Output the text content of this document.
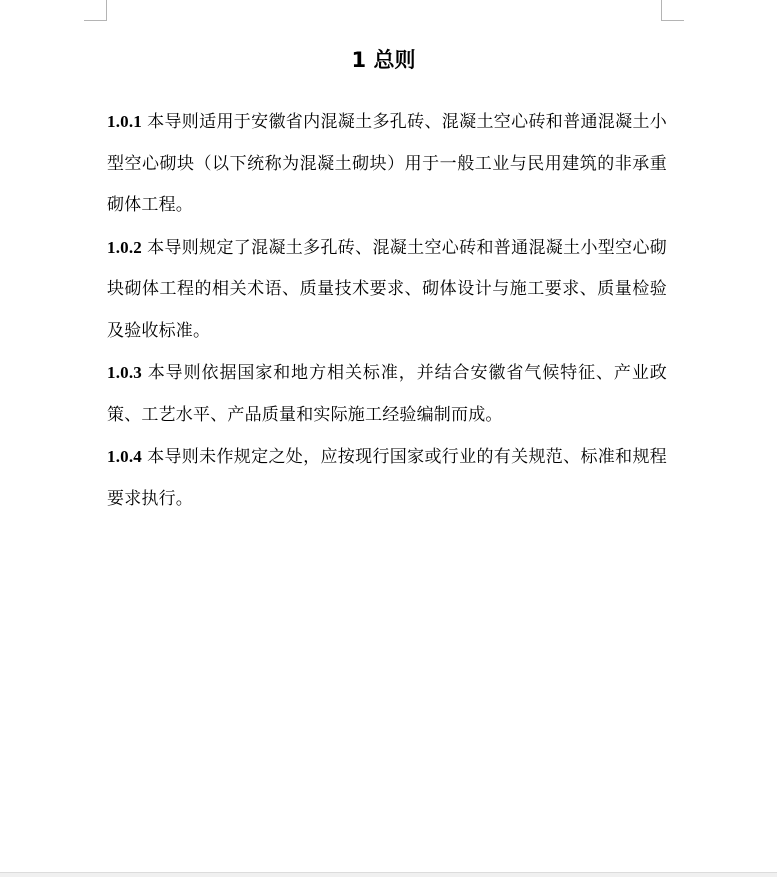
1 总则

1.0.1 本导则适用于安徽省内混凝土多孔砖、混凝土空心砖和普通混凝土小型空心砌块（以下统称为混凝土砌块）用于一般工业与民用建筑的非承重砌体工程。

1.0.2 本导则规定了混凝土多孔砖、混凝土空心砖和普通混凝土小型空心砌块砌体工程的相关术语、质量技术要求、砌体设计与施工要求、质量检验及验收标准。

1.0.3 本导则依据国家和地方相关标准，并结合安徽省气候特征、产业政策、工艺水平、产品质量和实际施工经验编制而成。

1.0.4 本导则未作规定之处，应按现行国家或行业的有关规范、标准和规程要求执行。
